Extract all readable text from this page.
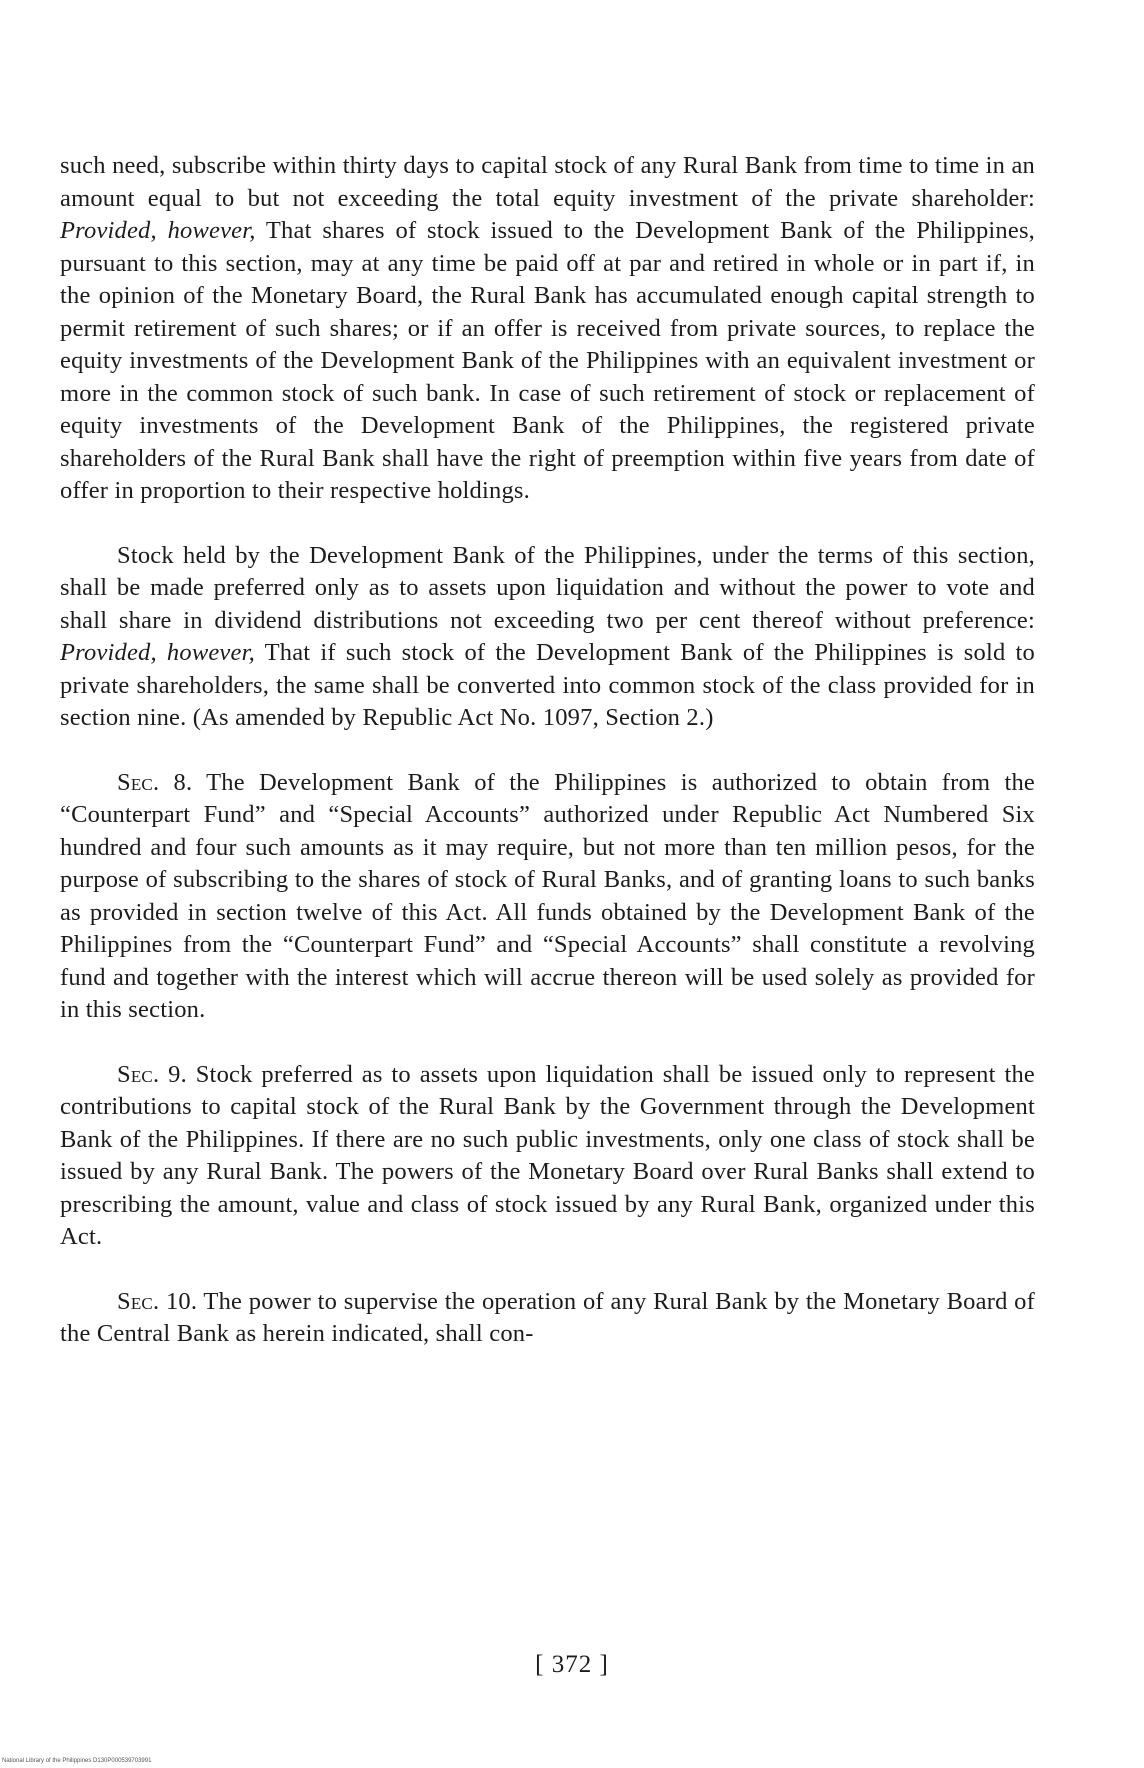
such need, subscribe within thirty days to capital stock of any Rural Bank from time to time in an amount equal to but not exceeding the total equity investment of the private shareholder: Provided, however, That shares of stock issued to the Development Bank of the Philippines, pursuant to this section, may at any time be paid off at par and retired in whole or in part if, in the opinion of the Monetary Board, the Rural Bank has accumulated enough capital strength to permit retirement of such shares; or if an offer is received from private sources, to replace the equity investments of the Development Bank of the Philippines with an equivalent investment or more in the common stock of such bank. In case of such retirement of stock or replacement of equity investments of the Development Bank of the Philippines, the registered private shareholders of the Rural Bank shall have the right of preemption within five years from date of offer in proportion to their respective holdings.

Stock held by the Development Bank of the Philippines, under the terms of this section, shall be made preferred only as to assets upon liquidation and without the power to vote and shall share in dividend distributions not exceeding two per cent thereof without preference: Provided, however, That if such stock of the Development Bank of the Philippines is sold to private shareholders, the same shall be converted into common stock of the class provided for in section nine. (As amended by Republic Act No. 1097, Section 2.)

Sec. 8. The Development Bank of the Philippines is authorized to obtain from the “Counterpart Fund” and “Special Accounts” authorized under Republic Act Numbered Six hundred and four such amounts as it may require, but not more than ten million pesos, for the purpose of subscribing to the shares of stock of Rural Banks, and of granting loans to such banks as provided in section twelve of this Act. All funds obtained by the Development Bank of the Philippines from the “Counterpart Fund” and “Special Accounts” shall constitute a revolving fund and together with the interest which will accrue thereon will be used solely as provided for in this section.

Sec. 9. Stock preferred as to assets upon liquidation shall be issued only to represent the contributions to capital stock of the Rural Bank by the Government through the Development Bank of the Philippines. If there are no such public investments, only one class of stock shall be issued by any Rural Bank. The powers of the Monetary Board over Rural Banks shall extend to prescribing the amount, value and class of stock issued by any Rural Bank, organized under this Act.

Sec. 10. The power to supervise the operation of any Rural Bank by the Monetary Board of the Central Bank as herein indicated, shall con-

[ 372 ]
National Library of the Philippines D130P000539703991
